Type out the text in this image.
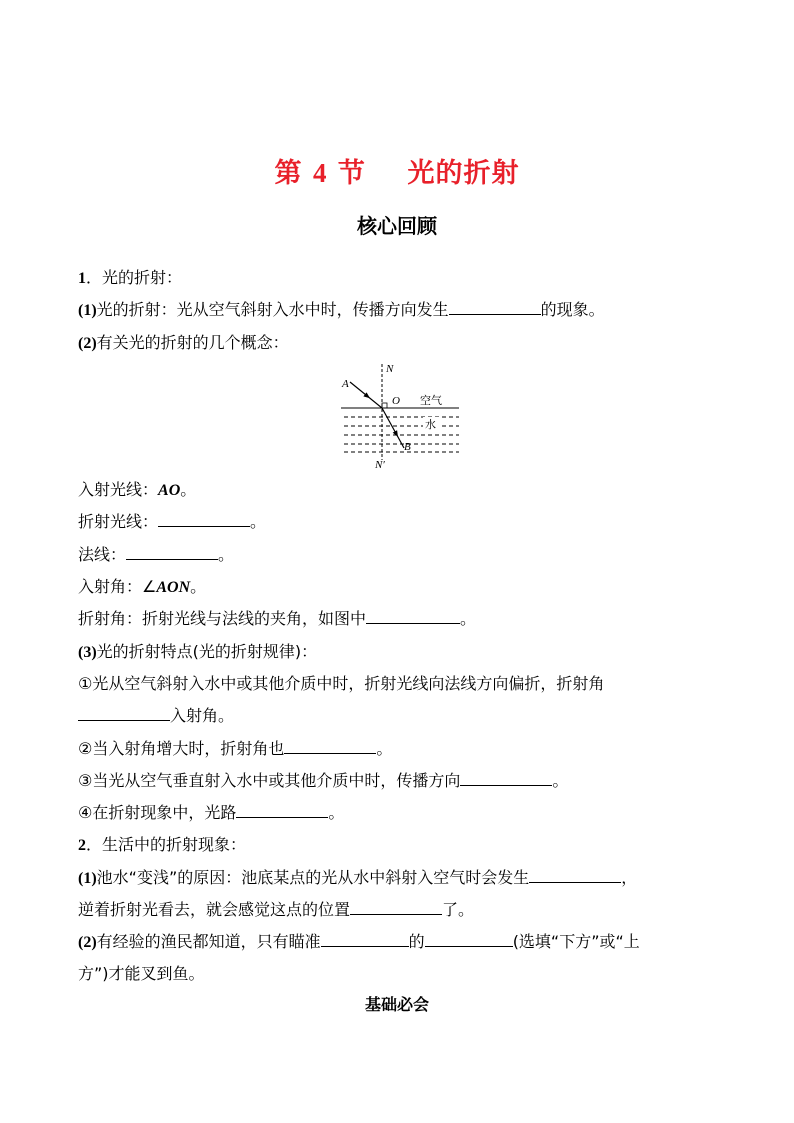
第 4 节    光的折射
核心回顾
1．光的折射：
(1)光的折射：光从空气斜射入水中时，传播方向发生	的现象。
(2)有关光的折射的几个概念：
A
N
O 空气
水
B
N′
入射光线：AO。
折射光线：	。
法线：	。
入射角：∠AON。
折射角：折射光线与法线的夹角，如图中	。
(3)光的折射特点(光的折射规律)：
①光从空气斜射入水中或其他介质中时，折射光线向法线方向偏折，折射角
入射角。
②当入射角增大时，折射角也	。
③当光从空气垂直射入水中或其他介质中时，传播方向	。
④在折射现象中，光路	。
2．生活中的折射现象：
(1)池水“变浅”的原因：池底某点的光从水中斜射入空气时会发生	，
逆着折射光看去，就会感觉这点的位置	了。
(2)有经验的渔民都知道，只有瞄准	的	(选填“下方”或“上
方”)才能叉到鱼。
基础必会
